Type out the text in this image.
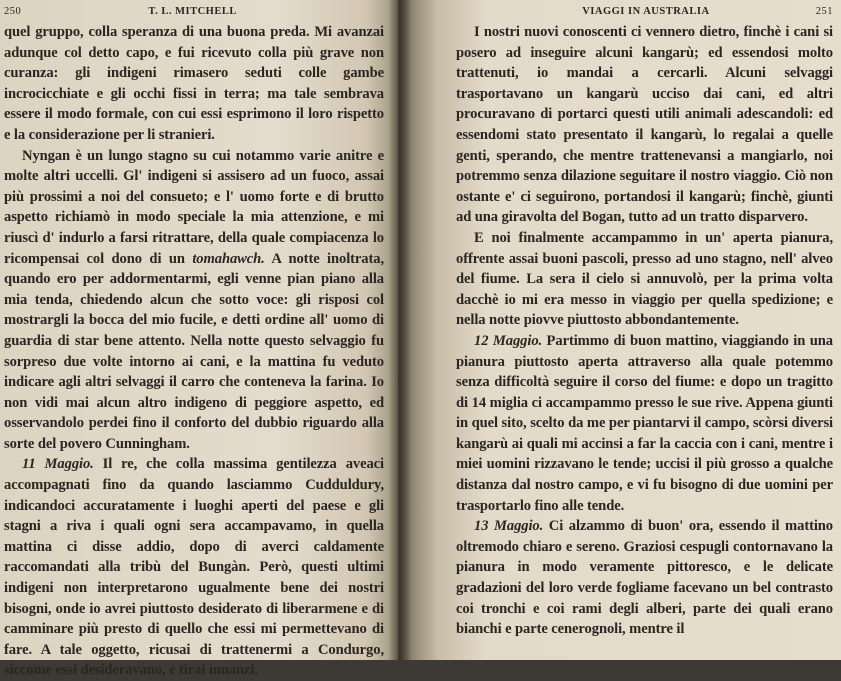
250	T. L. MITCHELL

quel gruppo, colla speranza di una buona preda. Mi avanzai adunque col detto capo, e fui ricevuto colla più grave non curanza: gli indigeni rimasero seduti colle gambe incrocicchiate e gli occhi fissi in terra; ma tale sembrava essere il modo formale, con cui essi esprimono il loro rispetto e la considerazione per li stranieri.

Nyngan è un lungo stagno su cui notammo varie anitre e molte altri uccelli. Gl' indigeni si assisero ad un fuoco, assai più prossimi a noi del consueto; e l' uomo forte e di brutto aspetto richiamò in modo speciale la mia attenzione, e mi riuscì d' indurlo a farsi ritrattare, della quale compiacenza lo ricompensai col dono di un tomahawch. A notte inoltrata, quando ero per addormentarmi, egli venne pian piano alla mia tenda, chiedendo alcun che sotto voce: gli risposi col mostrargli la bocca del mio fucile, e detti ordine all' uomo di guardia di star bene attento. Nella notte questo selvaggio fu sorpreso due volte intorno ai cani, e la mattina fu veduto indicare agli altri selvaggi il carro che conteneva la farina. Io non vidi mai alcun altro indigeno di peggiore aspetto, ed osservandolo perdei fino il conforto del dubbio riguardo alla sorte del povero Cunningham.

11 Maggio. Il re, che colla massima gentilezza aveaci accompagnati fino da quando lasciammo Cudduldury, indicandoci accuratamente i luoghi aperti del paese e gli stagni a riva i quali ogni sera accampavamo, in quella mattina ci disse addio, dopo di averci caldamente raccomandati alla tribù del Bungàn. Però, questi ultimi indigeni non interpretarono ugualmente bene dei nostri bisogni, onde io avrei piuttosto desiderato di liberarmene e di camminare più presto di quello che essi mi permettevano di fare. A tale oggetto, ricusai di trattenermi a Condurgo, siccome essi desideravano, e tirai innanzi.

VIAGGI IN AUSTRALIA	251

I nostri nuovi conoscenti ci vennero dietro, finchè i cani si posero ad inseguire alcuni kangarù; ed essendosi molto trattenuti, io mandai a cercarli. Alcuni selvaggi trasportavano un kangarù ucciso dai cani, ed altri procuravano di portarci questi utili animali adescandoli: ed essendomi stato presentato il kangarù, lo regalai a quelle genti, sperando, che mentre trattenevansi a mangiarlo, noi potremmo senza dilazione seguitare il nostro viaggio. Ciò non ostante e' ci seguirono, portandosi il kangarù; finchè, giunti ad una giravolta del Bogan, tutto ad un tratto disparvero.

E noi finalmente accampammo in un' aperta pianura, offrente assai buoni pascoli, presso ad uno stagno, nell' alveo del fiume. La sera il cielo si annuvolò, per la prima volta dacchè io mi era messo in viaggio per quella spedizione; e nella notte piovve piuttosto abbondantemente.

12 Maggio. Partimmo di buon mattino, viaggiando in una pianura piuttosto aperta attraverso alla quale potemmo senza difficoltà seguire il corso del fiume: e dopo un tragitto di 14 miglia ci accampammo presso le sue rive. Appena giunti in quel sito, scelto da me per piantarvi il campo, scòrsi diversi kangarù ai quali mi accinsi a far la caccia con i cani, mentre i miei uomini rizzavano le tende; uccisi il più grosso a qualche distanza dal nostro campo, e vi fu bisogno di due uomini per trasportarlo fino alle tende.

13 Maggio. Ci alzammo di buon' ora, essendo il mattino oltremodo chiaro e sereno. Graziosi cespugli contornavano la pianura in modo veramente pittoresco, e le delicate gradazioni del loro verde fogliame facevano un bel contrasto coi tronchi e coi rami degli alberi, parte dei quali erano bianchi e parte cenerognoli, mentre il
